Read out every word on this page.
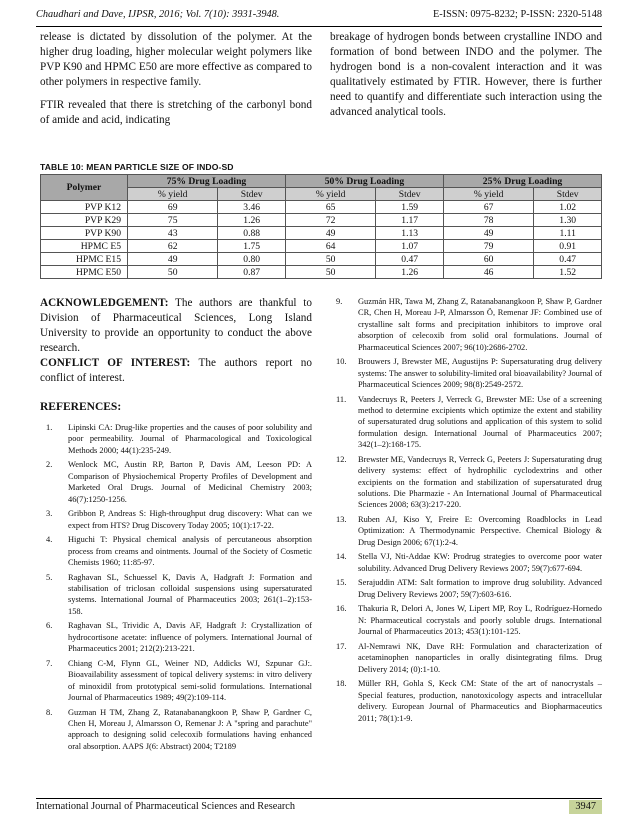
Chaudhari and Dave, IJPSR, 2016; Vol. 7(10): 3931-3948.	E-ISSN: 0975-8232; P-ISSN: 2320-5148

release is dictated by dissolution of the polymer. At the higher drug loading, higher molecular weight polymers like PVP K90 and HPMC E50 are more effective as compared to other polymers in respective family.

FTIR revealed that there is stretching of the carbonyl bond of amide and acid, indicating

breakage of hydrogen bonds between crystalline INDO and formation of bond between INDO and the polymer. The hydrogen bond is a non-covalent interaction and it was qualitatively estimated by FTIR. However, there is further need to quantify and differentiate such interaction using the advanced analytical tools.

TABLE 10: MEAN PARTICLE SIZE OF INDO-SD
Polymer	75% Drug Loading		50% Drug Loading		25% Drug Loading	
	% yield	Stdev	% yield	Stdev	% yield	Stdev
PVP K12	69	3.46	65	1.59	67	1.02
PVP K29	75	1.26	72	1.17	78	1.30
PVP K90	43	0.88	49	1.13	49	1.11
HPMC E5	62	1.75	64	1.07	79	0.91
HPMC E15	49	0.80	50	0.47	60	0.47
HPMC E50	50	0.87	50	1.26	46	1.52
ACKNOWLEDGEMENT: The authors are thankful to Division of Pharmaceutical Sciences, Long Island University to provide an opportunity to conduct the above research.
CONFLICT OF INTEREST: The authors report no conflict of interest.
REFERENCES:
1. Lipinski CA: Drug-like properties and the causes of poor solubility and poor permeability. Journal of Pharmacological and Toxicological Methods 2000; 44(1):235-249.
2. Wenlock MC, Austin RP, Barton P, Davis AM, Leeson PD: A Comparison of Physiochemical Property Profiles of Development and Marketed Oral Drugs. Journal of Medicinal Chemistry 2003; 46(7):1250-1256.
3. Gribbon P, Andreas S: High-throughput drug discovery: What can we expect from HTS? Drug Discovery Today 2005; 10(1):17-22.
4. Higuchi T: Physical chemical analysis of percutaneous absorption process from creams and ointments. Journal of the Society of Cosmetic Chemists 1960; 11:85-97.
5. Raghavan SL, Schuessel K, Davis A, Hadgraft J: Formation and stabilisation of triclosan colloidal suspensions using supersaturated systems. International Journal of Pharmaceutics 2003; 261(1–2):153-158.
6. Raghavan SL, Trividic A, Davis AF, Hadgraft J: Crystallization of hydrocortisone acetate: influence of polymers. International Journal of Pharmaceutics 2001; 212(2):213-221.
7. Chiang C-M, Flynn GL, Weiner ND, Addicks WJ, Szpunar GJ:. Bioavailability assessment of topical delivery systems: in vitro delivery of minoxidil from prototypical semi-solid formulations. International Journal of Pharmaceutics 1989; 49(2):109-114.
8. Guzman H TM, Zhang Z, Ratanabanangkoon P, Shaw P, Gardner C, Chen H, Moreau J, Almarsson O, Remenar J: A "spring and parachute" approach to designing solid celecoxib formulations having enhanced oral absorption. AAPS J(6: Abstract) 2004; T2189
9. Guzmán HR, Tawa M, Zhang Z, Ratanabanangkoon P, Shaw P, Gardner CR, Chen H, Moreau J-P, Almarsson Ö, Remenar JF: Combined use of crystalline salt forms and precipitation inhibitors to improve oral absorption of celecoxib from solid oral formulations. Journal of Pharmaceutical Sciences 2007; 96(10):2686-2702.
10. Brouwers J, Brewster ME, Augustijns P: Supersaturating drug delivery systems: The answer to solubility-limited oral bioavailability? Journal of Pharmaceutical Sciences 2009; 98(8):2549-2572.
11. Vandecruys R, Peeters J, Verreck G, Brewster ME: Use of a screening method to determine excipients which optimize the extent and stability of supersaturated drug solutions and application of this system to solid formulation design. International Journal of Pharmaceutics 2007; 342(1–2):168-175.
12. Brewster ME, Vandecruys R, Verreck G, Peeters J: Supersaturating drug delivery systems: effect of hydrophilic cyclodextrins and other excipients on the formation and stabilization of supersaturated drug solutions. Die Pharmazie - An International Journal of Pharmaceutical Sciences 2008; 63(3):217-220.
13. Ruben AJ, Kiso Y, Freire E: Overcoming Roadblocks in Lead Optimization: A Thermodynamic Perspective. Chemical Biology & Drug Design 2006; 67(1):2-4.
14. Stella VJ, Nti-Addae KW: Prodrug strategies to overcome poor water solubility. Advanced Drug Delivery Reviews 2007; 59(7):677-694.
15. Serajuddin ATM: Salt formation to improve drug solubility. Advanced Drug Delivery Reviews 2007; 59(7):603-616.
16. Thakuria R, Delori A, Jones W, Lipert MP, Roy L, Rodríguez-Hornedo N: Pharmaceutical cocrystals and poorly soluble drugs. International Journal of Pharmaceutics 2013; 453(1):101-125.
17. Al-Nemrawi NK, Dave RH: Formulation and characterization of acetaminophen nanoparticles in orally disintegrating films. Drug Delivery 2014; (0):1-10.
18. Müller RH, Gohla S, Keck CM: State of the art of nanocrystals – Special features, production, nanotoxicology aspects and intracellular delivery. European Journal of Pharmaceutics and Biopharmaceutics 2011; 78(1):1-9.
International Journal of Pharmaceutical Sciences and Research	3947
